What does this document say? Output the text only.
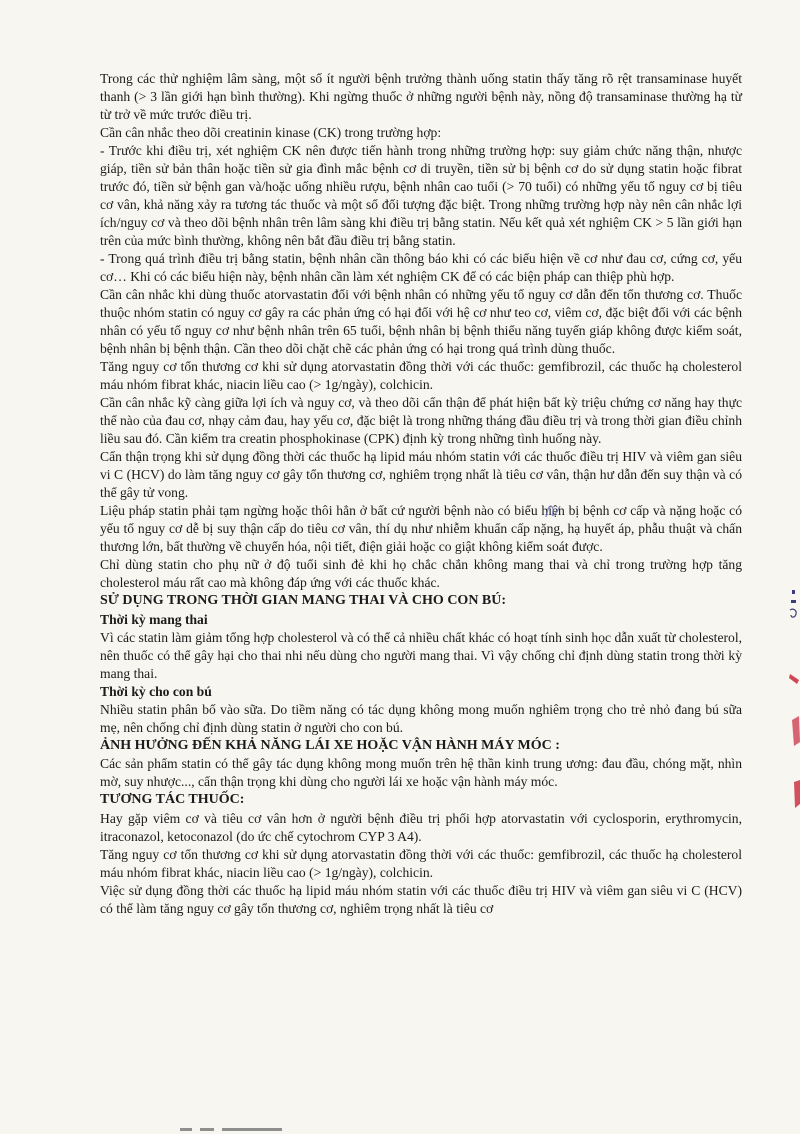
Trong các thử nghiệm lâm sàng, một số ít người bệnh trưởng thành uống statin thấy tăng rõ rệt transaminase huyết thanh (> 3 lần giới hạn bình thường). Khi ngừng thuốc ở những người bệnh này, nồng độ transaminase thường hạ từ từ trở về mức trước điều trị.

Cần cân nhắc theo dõi creatinin kinase (CK) trong trường hợp:

- Trước khi điều trị, xét nghiệm CK nên được tiến hành trong những trường hợp: suy giảm chức năng thận, nhược giáp, tiền sử bản thân hoặc tiền sử gia đình mắc bệnh cơ di truyền, tiền sử bị bệnh cơ do sử dụng statin hoặc fibrat trước đó, tiền sử bệnh gan và/hoặc uống nhiều rượu, bệnh nhân cao tuổi (> 70 tuổi) có những yếu tố nguy cơ bị tiêu cơ vân, khả năng xảy ra tương tác thuốc và một số đối tượng đặc biệt. Trong những trường hợp này nên cân nhắc lợi ích/nguy cơ và theo dõi bệnh nhân trên lâm sàng khi điều trị bằng statin. Nếu kết quả xét nghiệm CK > 5 lần giới hạn trên của mức bình thường, không nên bắt đầu điều trị bằng statin.

- Trong quá trình điều trị bằng statin, bệnh nhân cần thông báo khi có các biểu hiện về cơ như đau cơ, cứng cơ, yếu cơ… Khi có các biểu hiện này, bệnh nhân cần làm xét nghiệm CK để có các biện pháp can thiệp phù hợp.

Cần cân nhắc khi dùng thuốc atorvastatin đối với bệnh nhân có những yếu tố nguy cơ dẫn đến tổn thương cơ. Thuốc thuộc nhóm statin có nguy cơ gây ra các phản ứng có hại đối với hệ cơ như teo cơ, viêm cơ, đặc biệt đối với các bệnh nhân có yếu tố nguy cơ như bệnh nhân trên 65 tuổi, bệnh nhân bị bệnh thiểu năng tuyến giáp không được kiểm soát, bệnh nhân bị bệnh thận. Cần theo dõi chặt chẽ các phản ứng có hại trong quá trình dùng thuốc.

Tăng nguy cơ tổn thương cơ khi sử dụng atorvastatin đồng thời với các thuốc: gemfibrozil, các thuốc hạ cholesterol máu nhóm fibrat khác, niacin liều cao (> 1g/ngày), colchicin.

Cần cân nhắc kỹ càng giữa lợi ích và nguy cơ, và theo dõi cẩn thận để phát hiện bất kỳ triệu chứng cơ năng hay thực thể nào của đau cơ, nhạy cảm đau, hay yếu cơ, đặc biệt là trong những tháng đầu điều trị và trong thời gian điều chỉnh liều sau đó. Cần kiểm tra creatin phosphokinase (CPK) định kỳ trong những tình huống này.

Cẩn thận trọng khi sử dụng đồng thời các thuốc hạ lipid máu nhóm statin với các thuốc điều trị HIV và viêm gan siêu vi C (HCV) do làm tăng nguy cơ gây tổn thương cơ, nghiêm trọng nhất là tiêu cơ vân, thận hư dẫn đến suy thận và có thể gây tử vong.

Liệu pháp statin phải tạm ngừng hoặc thôi hẳn ở bất cứ người bệnh nào có biểu hiện bị bệnh cơ cấp và nặng hoặc có yếu tố nguy cơ dễ bị suy thận cấp do tiêu cơ vân, thí dụ như nhiễm khuẩn cấp nặng, hạ huyết áp, phẫu thuật và chấn thương lớn, bất thường về chuyển hóa, nội tiết, điện giải hoặc co giật không kiểm soát được.

Chỉ dùng statin cho phụ nữ ở độ tuổi sinh đẻ khi họ chắc chắn không mang thai và chỉ trong trường hợp tăng cholesterol máu rất cao mà không đáp ứng với các thuốc khác.

SỬ DỤNG TRONG THỜI GIAN MANG THAI VÀ CHO CON BÚ:

Thời kỳ mang thai

Vì các statin làm giảm tổng hợp cholesterol và có thể cả nhiều chất khác có hoạt tính sinh học dẫn xuất từ cholesterol, nên thuốc có thể gây hại cho thai nhi nếu dùng cho người mang thai. Vì vậy chống chỉ định dùng statin trong thời kỳ mang thai.

Thời kỳ cho con bú

Nhiều statin phân bố vào sữa. Do tiềm năng có tác dụng không mong muốn nghiêm trọng cho trẻ nhỏ đang bú sữa mẹ, nên chống chỉ định dùng statin ở người cho con bú.

ẢNH HƯỞNG ĐẾN KHẢ NĂNG LÁI XE HOẶC VẬN HÀNH MÁY MÓC :

Các sản phẩm statin có thể gây tác dụng không mong muốn trên hệ thần kinh trung ương: đau đầu, chóng mặt, nhìn mờ, suy nhược..., cẩn thận trọng khi dùng cho người lái xe hoặc vận hành máy móc.

TƯƠNG TÁC THUỐC:

Hay gặp viêm cơ và tiêu cơ vân hơn ở người bệnh điều trị phối hợp atorvastatin với cyclosporin, erythromycin, itraconazol, ketoconazol (do ức chế cytochrom CYP 3 A4).

Tăng nguy cơ tổn thương cơ khi sử dụng atorvastatin đồng thời với các thuốc: gemfibrozil, các thuốc hạ cholesterol máu nhóm fibrat khác, niacin liều cao (> 1g/ngày), colchicin.

Việc sử dụng đồng thời các thuốc hạ lipid máu nhóm statin với các thuốc điều trị HIV và viêm gan siêu vi C (HCV) có thể làm tăng nguy cơ gây tổn thương cơ, nghiêm trọng nhất là tiêu cơ
